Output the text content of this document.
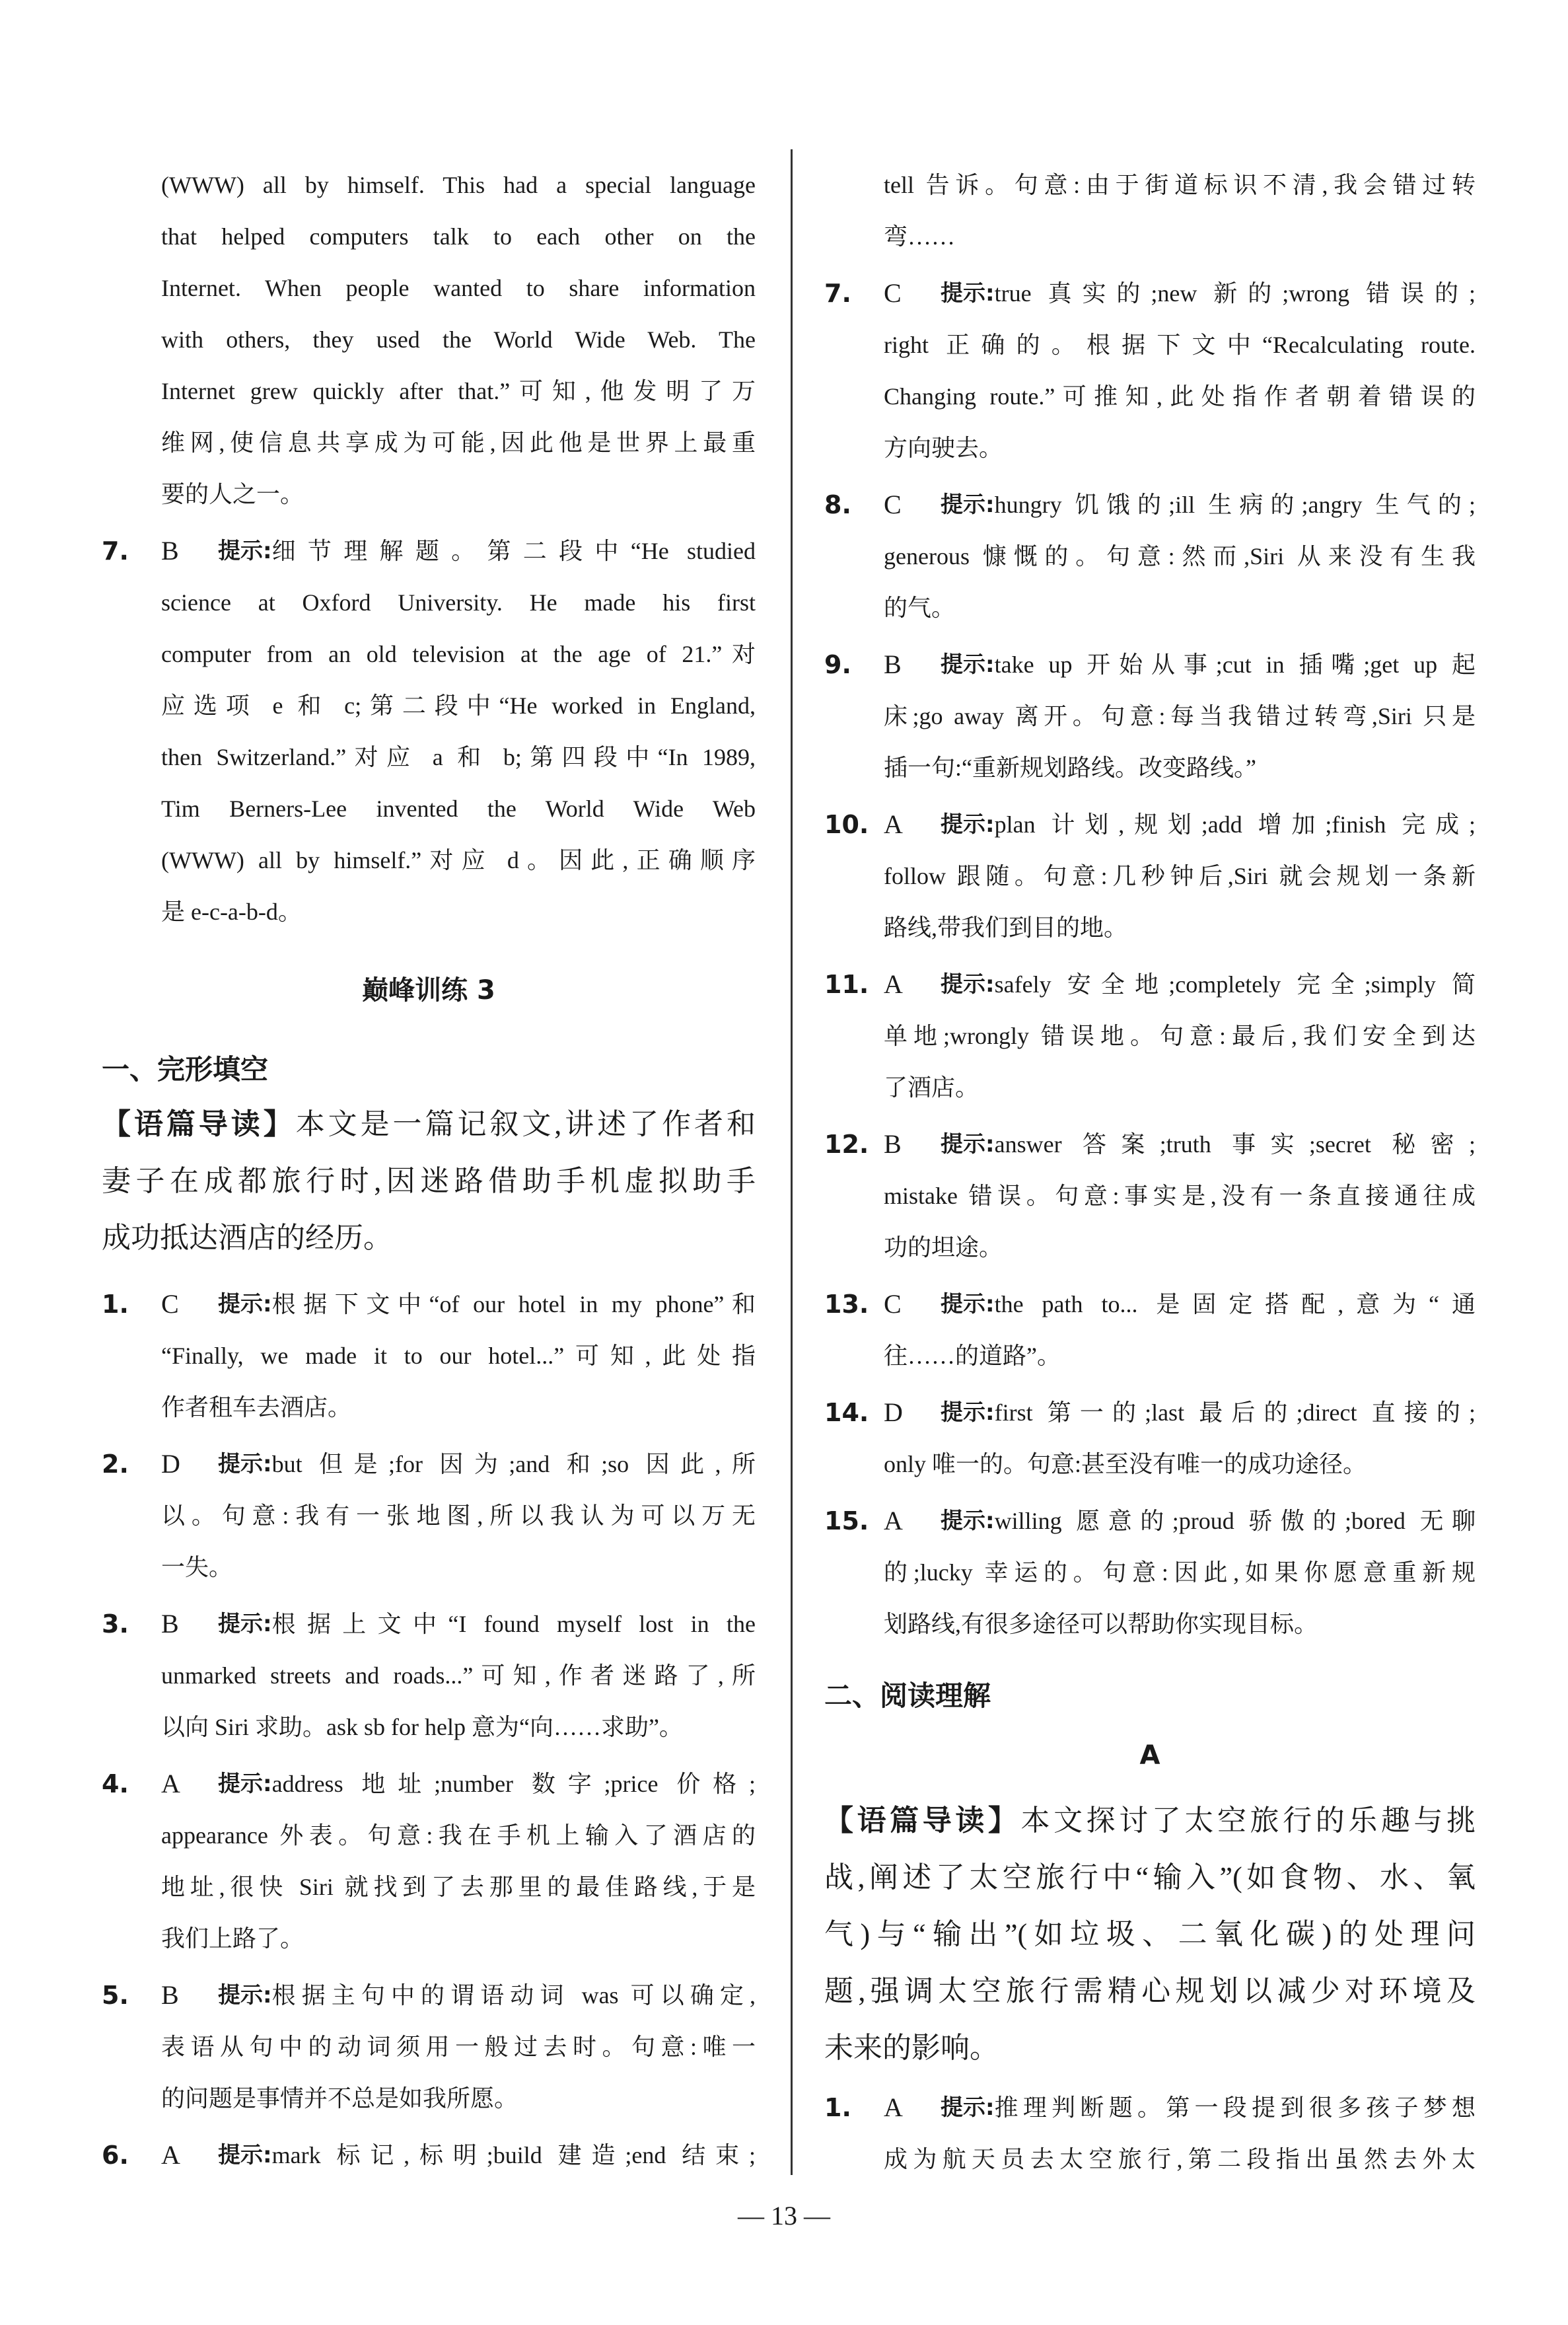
(WWW) all by himself. This had a special language
that helped computers talk to each other on the
Internet. When people wanted to share information
with others, they used the World Wide Web. The
Internet grew quickly after that.”可知,他发明了万
维网,使信息共享成为可能,因此他是世界上最重
要的人之一。
7.	B	提示: 细节理解题。第二段中“He studied
science at Oxford University. He made his first
computer from an old television at the age of 21.”对
应选项 e 和 c;第二段中“He worked in England,
then Switzerland.”对应 a 和 b;第四段中“In 1989,
Tim Berners-Lee invented the World Wide Web
(WWW) all by himself.”对应 d。因此,正确顺序
是 e-c-a-b-d。
巅峰训练 3
一、完形填空
【语篇导读】本文是一篇记叙文,讲述了作者和
妻子在成都旅行时,因迷路借助手机虚拟助手
成功抵达酒店的经历。
1.	C	提示: 根据下文中“of our hotel in my phone”和
“Finally, we made it to our hotel...”可知,此处指
作者租车去酒店。
2.	D	提示: but 但是;for 因为;and 和;so 因此,所
以。句意:我有一张地图,所以我认为可以万无
一失。
3.	B	提示: 根据上文中“I found myself lost in the
unmarked streets and roads...”可知,作者迷路了,所
以向 Siri 求助。ask sb for help 意为“向……求助”。
4.	A	提示: address 地址;number 数字;price 价格;
appearance 外表。句意:我在手机上输入了酒店的
地址,很快 Siri 就找到了去那里的最佳路线,于是
我们上路了。
5.	B	提示: 根据主句中的谓语动词 was 可以确定,
表语从句中的动词须用一般过去时。句意:唯一
的问题是事情并不总是如我所愿。
6.	A	提示: mark 标记,标明;build 建造;end 结束;
tell 告诉。句意:由于街道标识不清,我会错过转
弯……
7.	C	提示: true 真实的;new 新的;wrong 错误的;
right 正确的。根据下文中“Recalculating route.
Changing route.”可推知,此处指作者朝着错误的
方向驶去。
8.	C	提示: hungry 饥饿的;ill 生病的;angry 生气的;
generous 慷慨的。句意:然而,Siri 从来没有生我
的气。
9.	B	提示: take up 开始从事;cut in 插嘴;get up 起
床;go away 离开。句意:每当我错过转弯,Siri 只是
插一句:“重新规划路线。改变路线。”
10. A	提示: plan 计划,规划;add 增加;finish 完成;
follow 跟随。句意:几秒钟后,Siri 就会规划一条新
路线,带我们到目的地。
11. A	提示: safely 安全地;completely 完全;simply 简
单地;wrongly 错误地。句意:最后,我们安全到达
了酒店。
12. B	提示: answer 答案;truth 事实;secret 秘密;
mistake 错误。句意:事实是,没有一条直接通往成
功的坦途。
13. C	提示: the path to... 是固定搭配,意为“通
往……的道路”。
14. D	提示: first 第一的;last 最后的;direct 直接的;
only 唯一的。句意:甚至没有唯一的成功途径。
15. A	提示: willing 愿意的;proud 骄傲的;bored 无聊
的;lucky 幸运的。句意:因此,如果你愿意重新规
划路线,有很多途径可以帮助你实现目标。
二、阅读理解
A
【语篇导读】本文探讨了太空旅行的乐趣与挑
战,阐述了太空旅行中“输入”(如食物、水、氧
气)与“输出”(如垃圾、二氧化碳)的处理问
题,强调太空旅行需精心规划以减少对环境及
未来的影响。
1.	A	提示: 推理判断题。第一段提到很多孩子梦想
成为航天员去太空旅行,第二段指出虽然去外太
— 13 —
